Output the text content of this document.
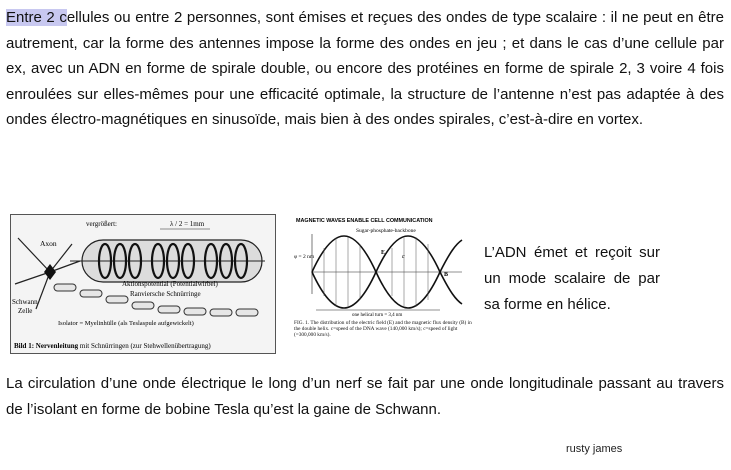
Entre 2 cellules ou entre 2 personnes, sont émises et reçues des ondes de type scalaire : il ne peut en être autrement, car la forme des antennes impose la forme des ondes en jeu ; et dans le cas d’une cellule par ex, avec un ADN en forme de spirale double, ou encore des protéines en forme de spirale 2, 3 voire 4 fois enroulées sur elles-mêmes pour une efficacité optimale, la structure de l’antenne n’est pas adaptée à des ondes électro-magnétiques en sinusoïde, mais bien à des ondes spirales, c’est-à-dire en vortex.

vergrößert:	λ / 2 = 1mm
Axon
Aktionspotential (Potentialwirbel)
Ranviersche Schnürringe
Schwann
Zelle
Isolator = Myelinhülle (als Teslaspule aufgewickelt)
Bild 1: Nervenleitung mit Schnürringen (zur Stehwellenübertragung)
MAGNETIC WAVES ENABLE CELL COMMUNICATION
Sugar-phosphate-backbone
φ = 2 nm
E
c
B
one helical turn = 3,4 nm
FIG. 1. The distribution of the electric field (E) and the magnetic flux density (B) in the double helix. c=speed of the DNA wave (140,000 km/s); c=speed of light (=300,000 km/s).
L’ADN émet et reçoit sur un mode scalaire de par sa forme en hélice.

La circulation d’une onde électrique le long d’un nerf se fait par une onde longitudinale passant au travers de l’isolant en forme de bobine Tesla qu’est la gaine de Schwann.

rusty james
